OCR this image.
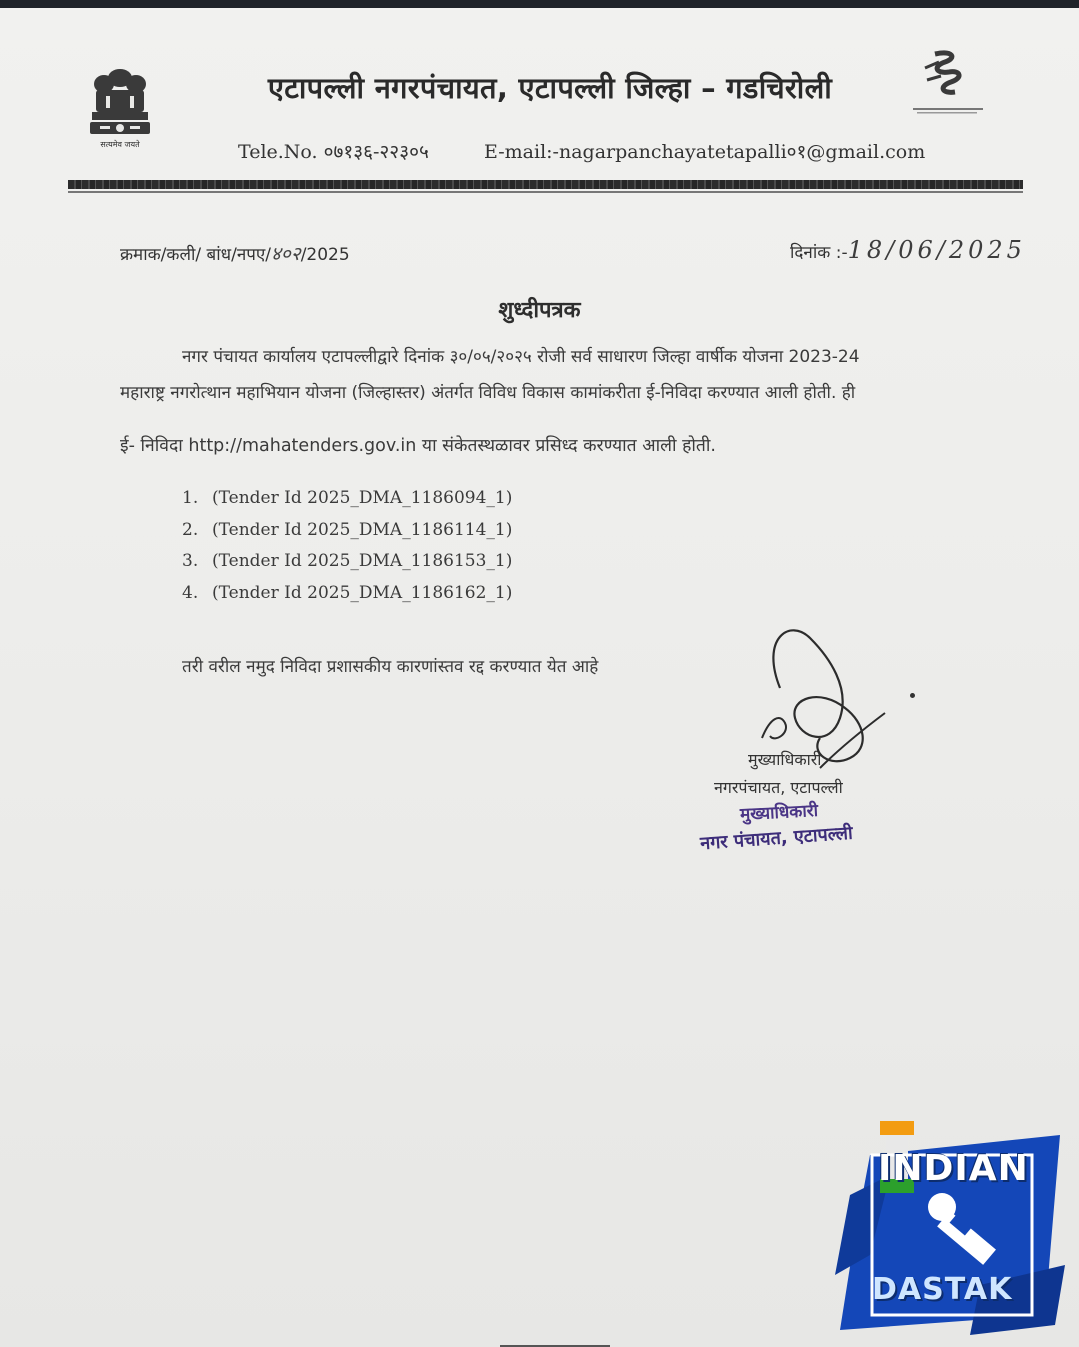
सत्यमेव जयते
एटापल्ली नगरपंचायत, एटापल्ली जिल्हा – गडचिरोली
Tele.No. ०७१३६-२२३०५	E-mail:-nagarpanchayatetapalli०१@gmail.com
क्रमाक/कली/ बांध/नपए/४०२/2025	दिनांक :-18/06/2025
शुध्दीपत्रक
नगर पंचायत कार्यालय एटापल्लीद्वारे दिनांक ३०/०५/२०२५ रोजी सर्व साधारण जिल्हा वार्षीक योजना 2023-24
महाराष्ट्र नगरोत्थान महाभियान योजना (जिल्हास्तर) अंतर्गत विविध विकास कामांकरीता ई-निविदा करण्यात आली होती. ही
ई- निविदा http://mahatenders.gov.in या संकेतस्थळावर प्रसिध्द करण्यात आली होती.
1. (Tender Id 2025_DMA_1186094_1)
2. (Tender Id 2025_DMA_1186114_1)
3. (Tender Id 2025_DMA_1186153_1)
4. (Tender Id 2025_DMA_1186162_1)
तरी वरील नमुद निविदा प्रशासकीय कारणांस्तव रद्द करण्यात येत आहे
मुख्याधिकारी
नगरपंचायत, एटापल्ली
मुख्याधिकारी
नगर पंचायत, एटापल्ली
INDIAN
DASTAK
